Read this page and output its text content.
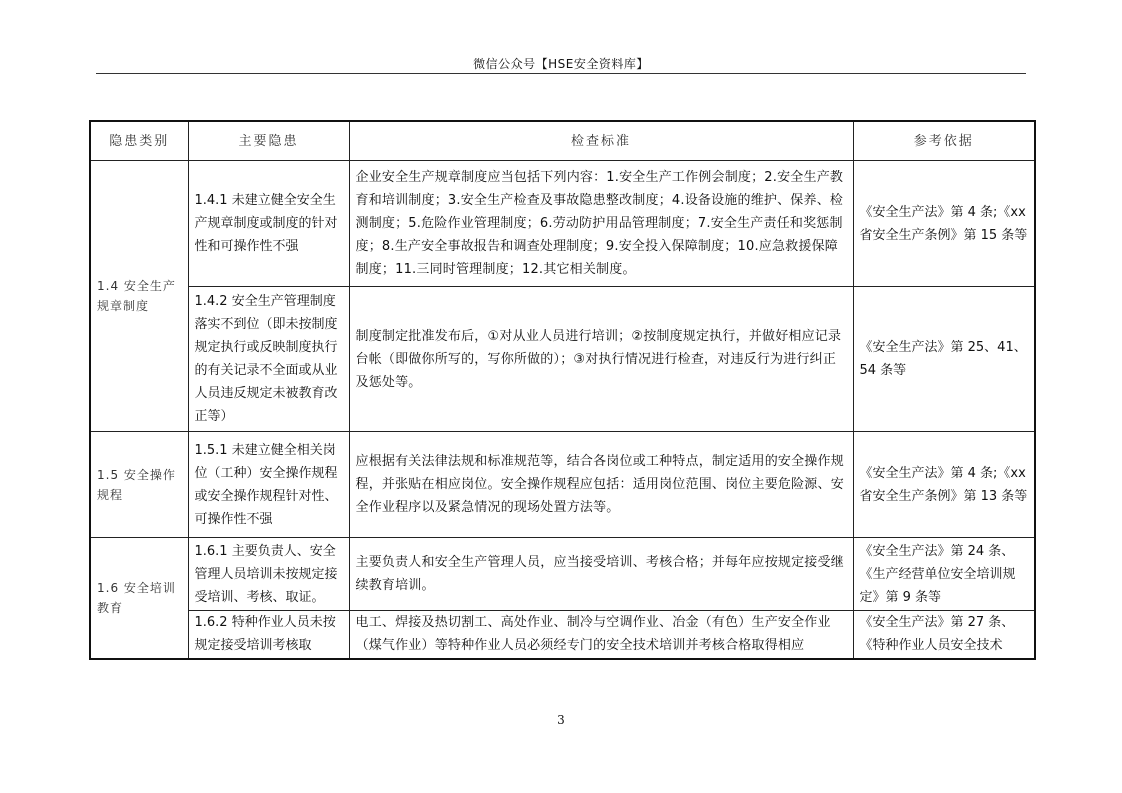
微信公众号【HSE安全资料库】
隐患类别	主要隐患	检查标准	参考依据
1.4 安全生产规章制度	1.4.1 未建立健全安全生产规章制度或制度的针对性和可操作性不强	企业安全生产规章制度应当包括下列内容：1.安全生产工作例会制度；2.安全生产教育和培训制度；3.安全生产检查及事故隐患整改制度；4.设备设施的维护、保养、检测制度；5.危险作业管理制度；6.劳动防护用品管理制度；7.安全生产责任和奖惩制度；8.生产安全事故报告和调查处理制度；9.安全投入保障制度；10.应急救援保障制度；11.三同时管理制度；12.其它相关制度。	《安全生产法》第 4 条;《xx省安全生产条例》第 15 条等
	1.4.2 安全生产管理制度落实不到位（即未按制度规定执行或反映制度执行的有关记录不全面或从业人员违反规定未被教育改正等）	制度制定批准发布后，①对从业人员进行培训；②按制度规定执行，并做好相应记录台帐（即做你所写的，写你所做的）；③对执行情况进行检查，对违反行为进行纠正及惩处等。	《安全生产法》第 25、41、54 条等
1.5 安全操作规程	1.5.1 未建立健全相关岗位（工种）安全操作规程或安全操作规程针对性、可操作性不强	应根据有关法律法规和标准规范等，结合各岗位或工种特点，制定适用的安全操作规程，并张贴在相应岗位。安全操作规程应包括：适用岗位范围、岗位主要危险源、安全作业程序以及紧急情况的现场处置方法等。	《安全生产法》第 4 条;《xx省安全生产条例》第 13 条等
1.6 安全培训教育	1.6.1 主要负责人、安全管理人员培训未按规定接受培训、考核、取证。	主要负责人和安全生产管理人员，应当接受培训、考核合格；并每年应按规定接受继续教育培训。	《安全生产法》第 24 条、《生产经营单位安全培训规定》第 9 条等
	1.6.2 特种作业人员未按规定接受培训考核取	电工、焊接及热切割工、高处作业、制冷与空调作业、冶金（有色）生产安全作业（煤气作业）等特种作业人员必须经专门的安全技术培训并考核合格取得相应	《安全生产法》第 27 条、《特种作业人员安全技术
3
